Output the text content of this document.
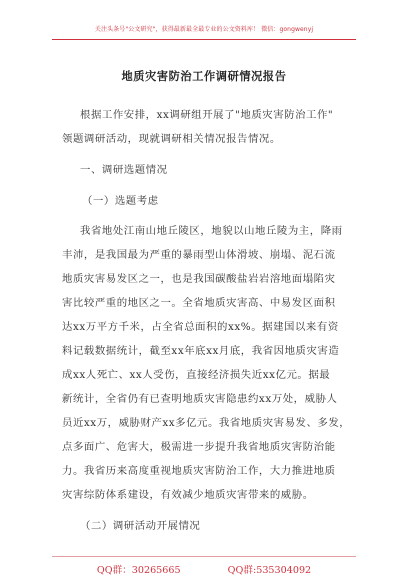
关注头条号"公文研究"，获得最新最全最专业的公文资料库！ 微信：gongwenyj
地质灾害防治工作调研情况报告
根据工作安排，xx调研组开展了"地质灾害防治工作"
领题调研活动，现就调研相关情况报告情况。
一、调研选题情况
（一）选题考虑
我省地处江南山地丘陵区，地貌以山地丘陵为主，降雨
丰沛，是我国最为严重的暴雨型山体滑坡、崩塌、泥石流
地质灾害易发区之一，也是我国碳酸盐岩岩溶地面塌陷灾
害比较严重的地区之一。全省地质灾害高、中易发区面积
达xx万平方千米，占全省总面积的xx%。据建国以来有资
料记载数据统计，截至xx年底xx月底，我省因地质灾害造
成xx人死亡、xx人受伤，直接经济损失近xx亿元。据最
新统计，全省仍有已查明地质灾害隐患约xx万处，威胁人
员近xx万，威胁财产xx多亿元。我省地质灾害易发、多发，
点多面广、危害大，极需进一步提升我省地质灾害防治能
力。我省历来高度重视地质灾害防治工作，大力推进地质
灾害综防体系建设，有效减少地质灾害带来的威胁。
（二）调研活动开展情况
QQ群：30265665	QQ群:535304092
